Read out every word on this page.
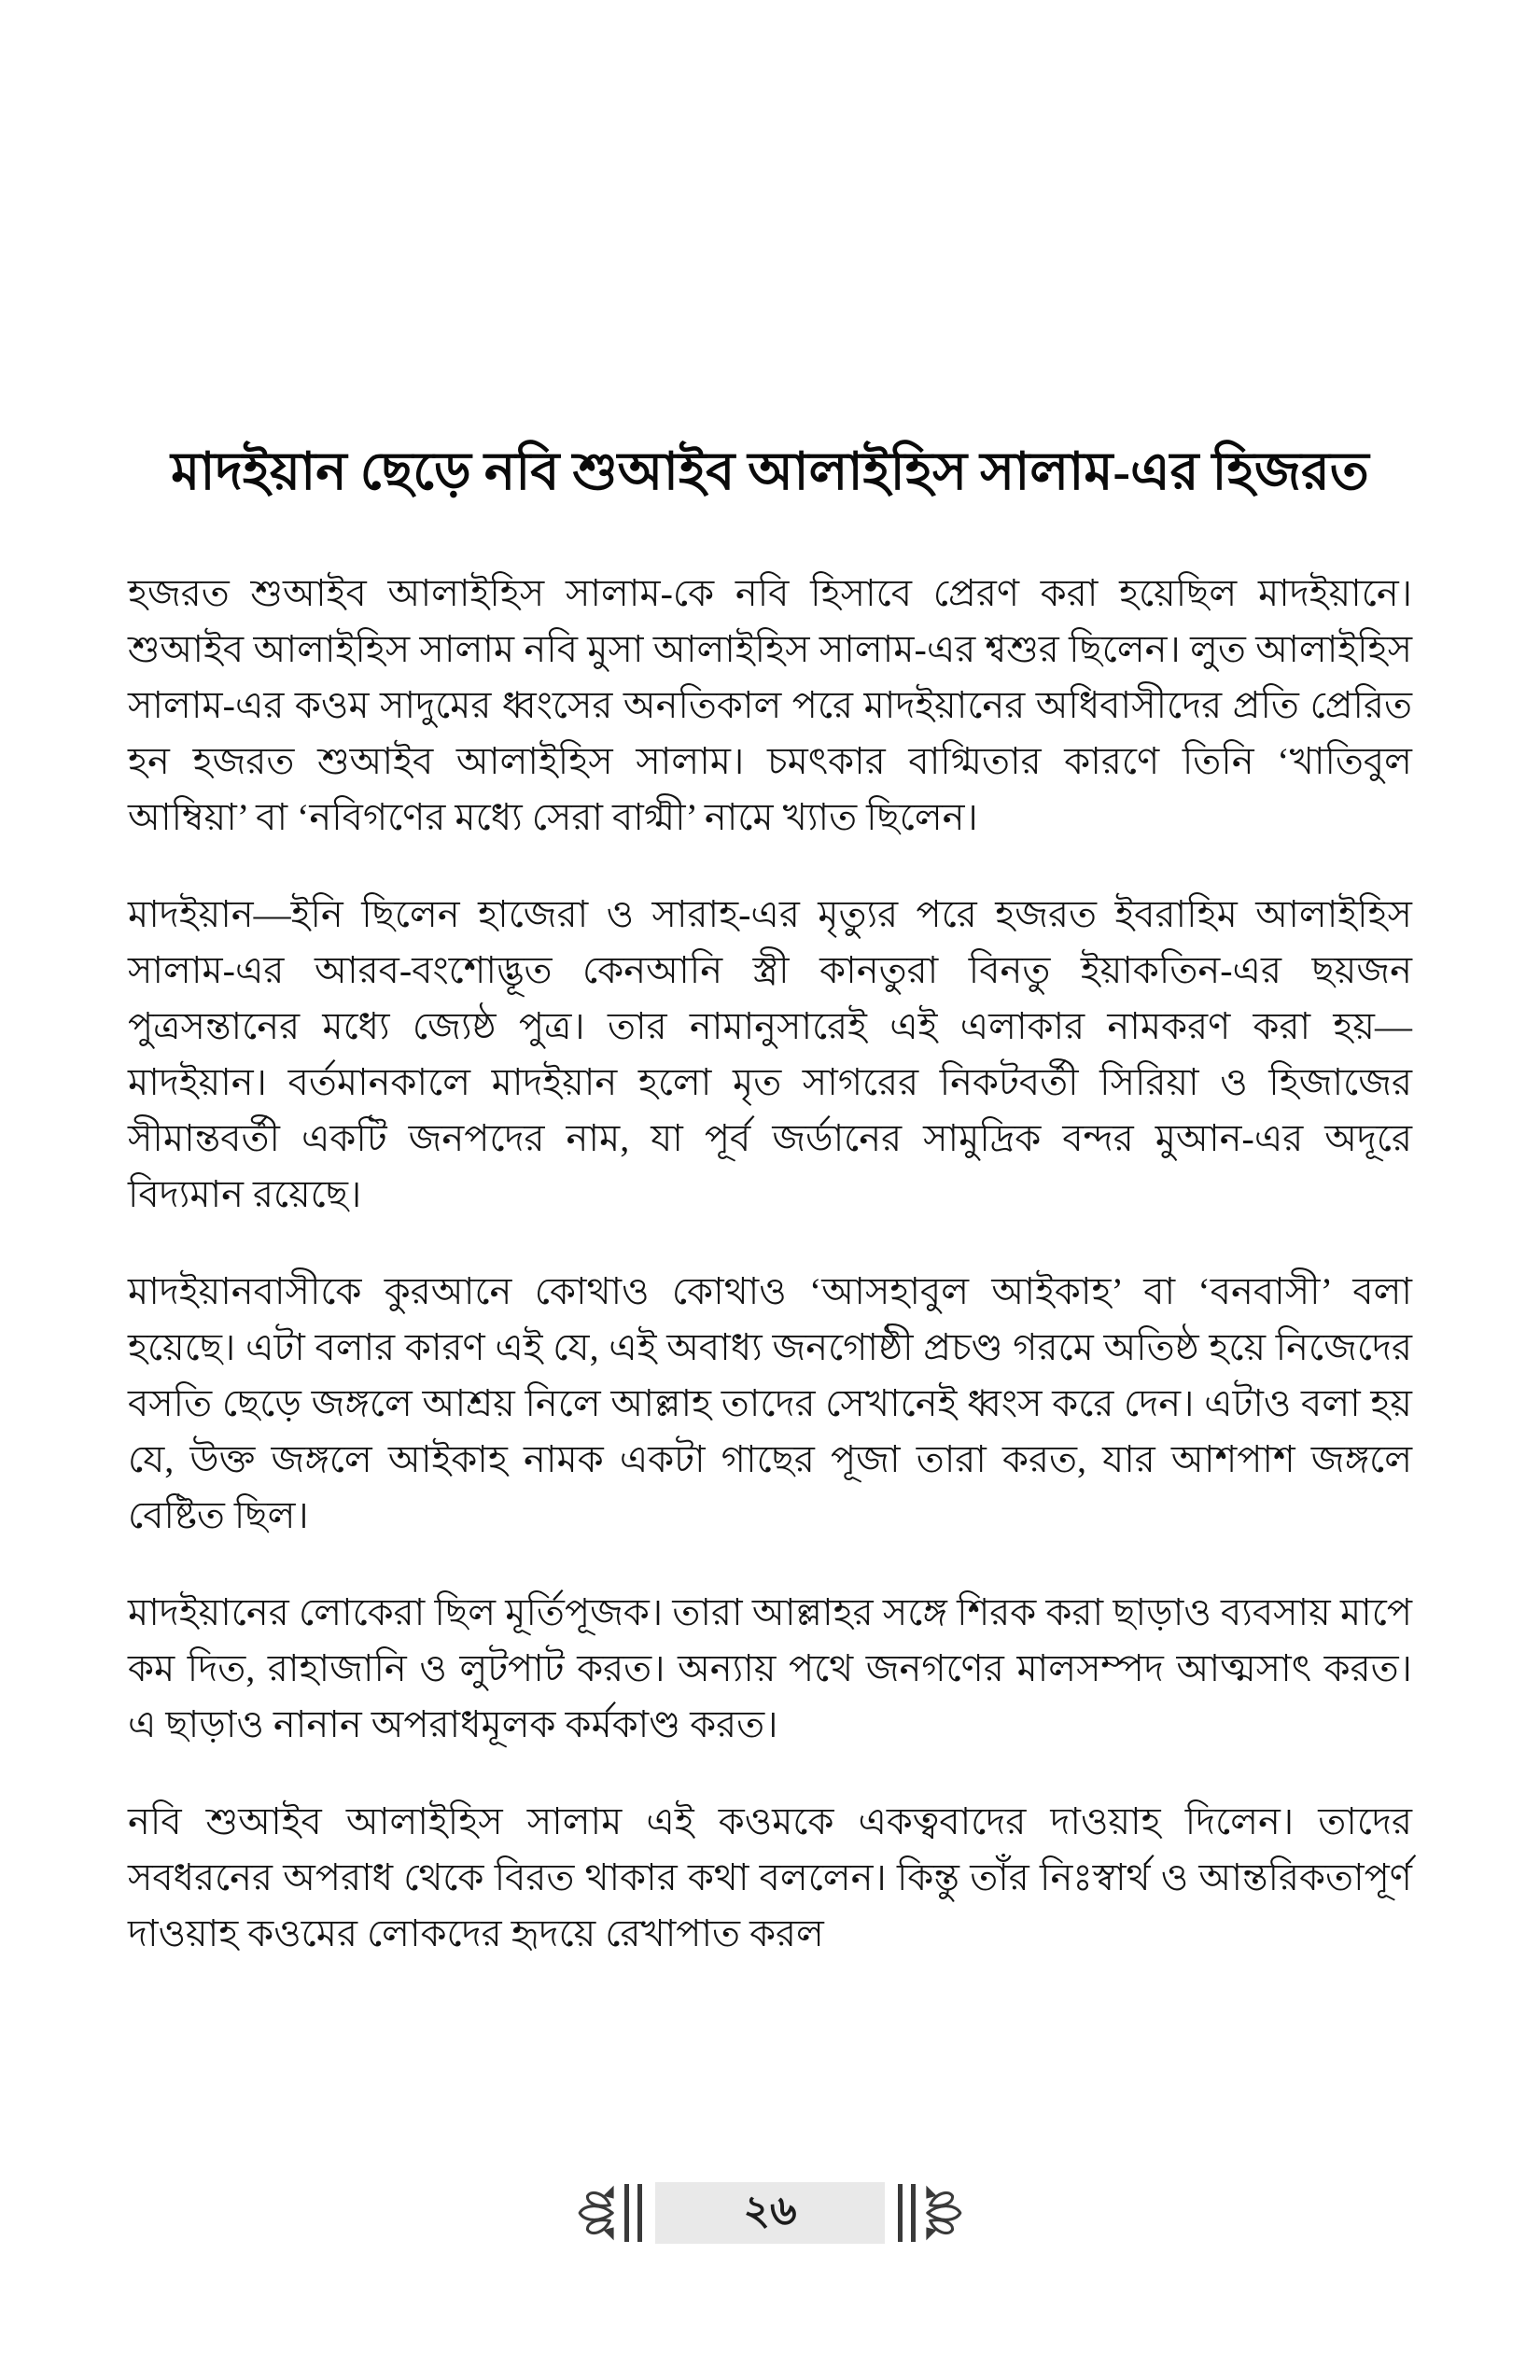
মাদইয়ান ছেড়ে নবি শুআইব আলাইহিস সালাম-এর হিজরত

হজরত শুআইব আলাইহিস সালাম-কে নবি হিসাবে প্রেরণ করা হয়েছিল মাদইয়ানে। শুআইব আলাইহিস সালাম নবি মুসা আলাইহিস সালাম-এর শ্বশুর ছিলেন। লুত আলাইহিস সালাম-এর কওম সাদুমের ধ্বংসের অনতিকাল পরে মাদইয়ানের অধিবাসীদের প্রতি প্রেরিত হন হজরত শুআইব আলাইহিস সালাম। চমৎকার বাগ্মিতার কারণে তিনি ‘খাতিবুল আম্বিয়া’ বা ‘নবিগণের মধ্যে সেরা বাগ্মী’ নামে খ্যাত ছিলেন।

মাদইয়ান—ইনি ছিলেন হাজেরা ও সারাহ-এর মৃত্যুর পরে হজরত ইবরাহিম আলাইহিস সালাম-এর আরব-বংশোদ্ভূত কেনআনি স্ত্রী কানতুরা বিনতু ইয়াকতিন-এর ছয়জন পুত্রসন্তানের মধ্যে জ্যেষ্ঠ পুত্র। তার নামানুসারেই এই এলাকার নামকরণ করা হয়—মাদইয়ান। বর্তমানকালে মাদইয়ান হলো মৃত সাগরের নিকটবর্তী সিরিয়া ও হিজাজের সীমান্তবর্তী একটি জনপদের নাম, যা পূর্ব জর্ডানের সামুদ্রিক বন্দর মুআন-এর অদূরে বিদ্যমান রয়েছে।

মাদইয়ানবাসীকে কুরআনে কোথাও কোথাও ‘আসহাবুল আইকাহ’ বা ‘বনবাসী’ বলা হয়েছে। এটা বলার কারণ এই যে, এই অবাধ্য জনগোষ্ঠী প্রচণ্ড গরমে অতিষ্ঠ হয়ে নিজেদের বসতি ছেড়ে জঙ্গলে আশ্রয় নিলে আল্লাহ তাদের সেখানেই ধ্বংস করে দেন। এটাও বলা হয় যে, উক্ত জঙ্গলে আইকাহ নামক একটা গাছের পূজা তারা করত, যার আশপাশ জঙ্গলে বেষ্টিত ছিল।

মাদইয়ানের লোকেরা ছিল মূর্তিপূজক। তারা আল্লাহর সঙ্গে শিরক করা ছাড়াও ব্যবসায় মাপে কম দিত, রাহাজানি ও লুটপাট করত। অন্যায় পথে জনগণের মালসম্পদ আত্মসাৎ করত। এ ছাড়াও নানান অপরাধমূলক কর্মকাণ্ড করত।

নবি শুআইব আলাইহিস সালাম এই কওমকে একত্ববাদের দাওয়াহ দিলেন। তাদের সবধরনের অপরাধ থেকে বিরত থাকার কথা বললেন। কিন্তু তাঁর নিঃস্বার্থ ও আন্তরিকতাপূর্ণ দাওয়াহ কওমের লোকদের হৃদয়ে রেখাপাত করল

২৬
